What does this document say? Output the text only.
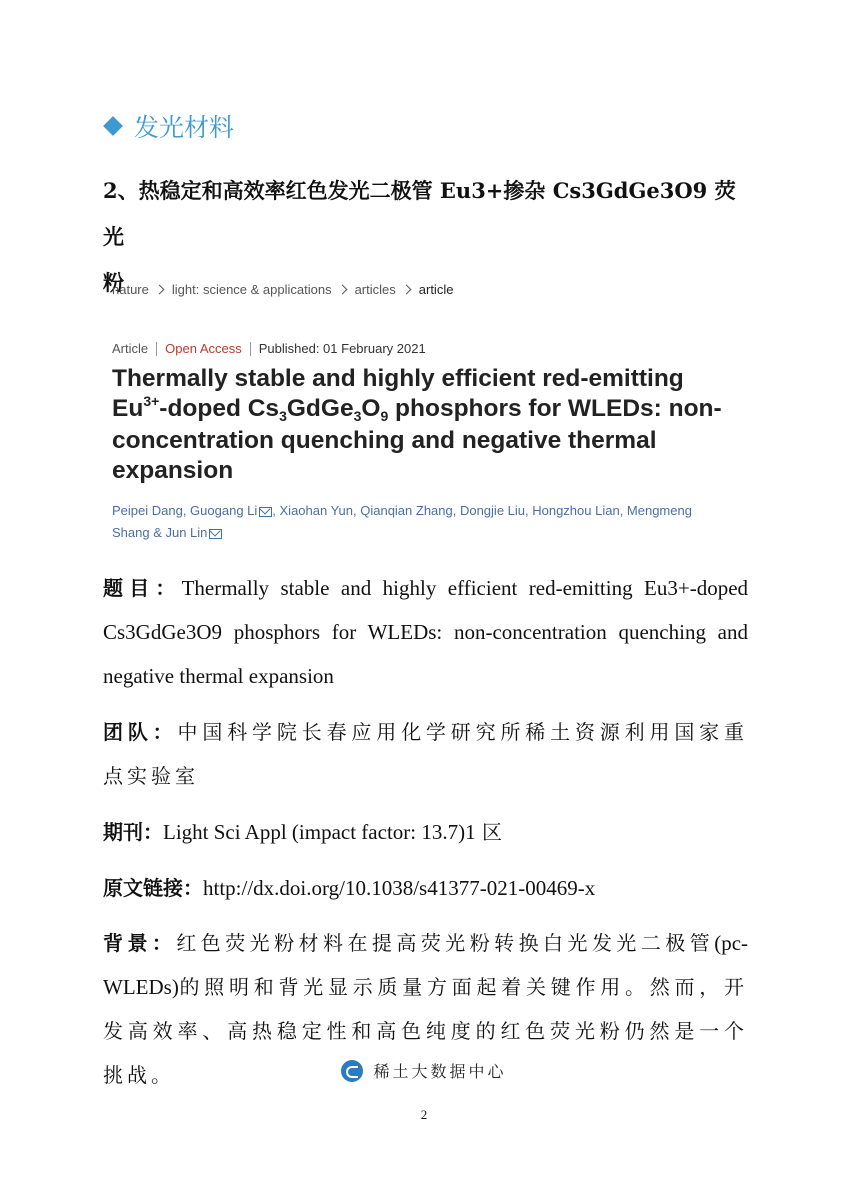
发光材料
2、热稳定和高效率红色发光二极管 Eu3+掺杂 Cs3GdGe3O9 荧光
粉
nature light: science & applications articles article
Article Open Access Published: 01 February 2021
Thermally stable and highly efficient red-emitting
$Eu^{3+}$-doped $Cs_3GdGe_3O_9$ phosphors for WLEDs: non-
concentration quenching and negative thermal
expansion
Peipei Dang, Guogang Li , Xiaohan Yun, Qianqian Zhang, Dongjie Liu, Hongzhou Lian, Mengmeng
Shang & Jun Lin
题目：Thermally stable and highly efficient red-emitting Eu3+-doped Cs3GdGe3O9 phosphors for WLEDs: non-concentration quenching and negative thermal expansion
团队：中国科学院长春应用化学研究所稀土资源利用国家重点实验室
期刊：Light Sci Appl (impact factor: 13.7)1 区
原文链接：http://dx.doi.org/10.1038/s41377-021-00469-x
背景：红色荧光粉材料在提高荧光粉转换白光发光二极管(pc-WLEDs)的照明和背光显示质量方面起着关键作用。然而，开发高效率、高热稳定性和高色纯度的红色荧光粉仍然是一个挑战。	稀土大数据中心
2
